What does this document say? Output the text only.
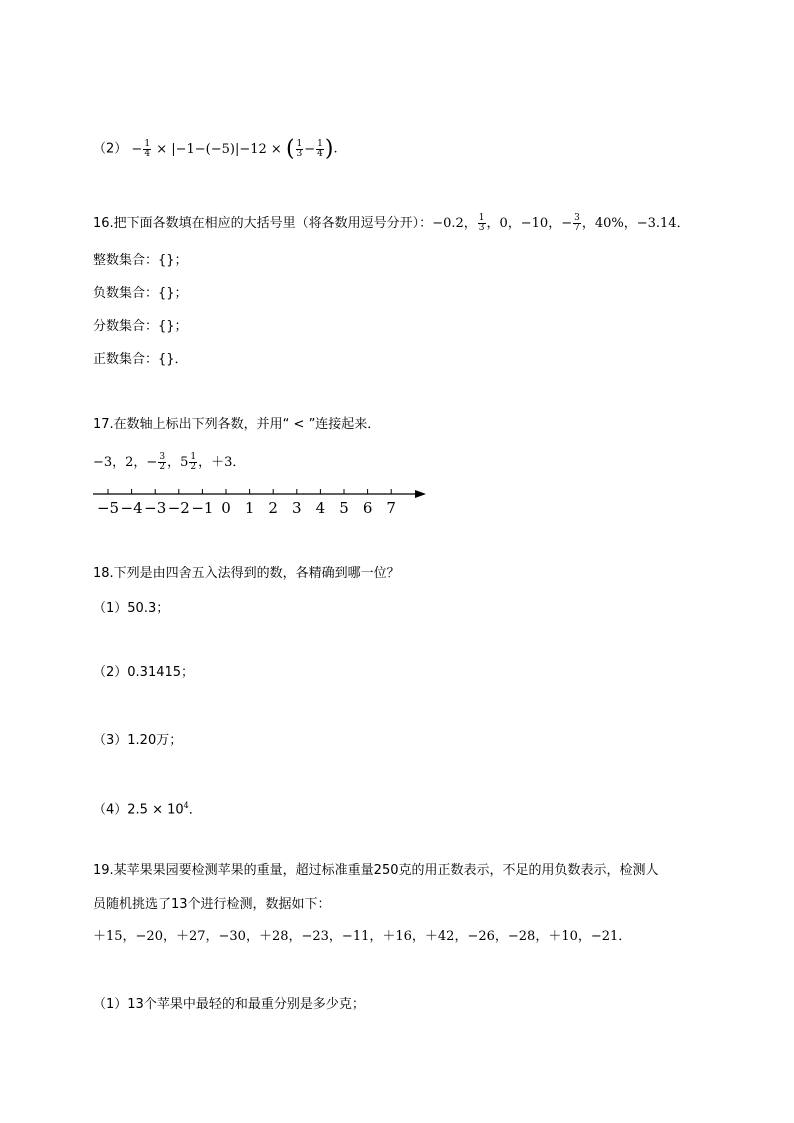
$(2) - \frac{1}{4} \times |-1-(-5)|-12$ × ( $\frac{1}{3} - \frac{1}{4}$ ).
16.把下面各数填在相应的大括号里（将各数用逗号分开）：−0.2， $\frac{1}{3}$ ，0，−10，− $\frac{3}{7}$ ，40%，−3.14．
整数集合：{}；
负数集合：{}；
分数集合：{}；
正数集合：{}．
17.在数轴上标出下列各数，并用“ < ”连接起来．
−3，2，− $\frac{3}{2}$ ，$5 \frac{1}{2}$ ，＋3．
−5 −4 −3 −2 −1 0 1 2 3 4 5 6 7
18.下列是由四舍五入法得到的数，各精确到哪一位？
（1）50.3；
（2）0.31415；
（3）1.20万；
$(4)2.5 \times 10^4$．
19.某苹果果园要检测苹果的重量，超过标准重量250克的用正数表示，不足的用负数表示，检测人
员随机挑选了13个进行检测，数据如下：
＋15，−20，＋27，−30，＋28，−23，−11，＋16，＋42，−26，−28，＋10，−21．
（1）13个苹果中最轻的和最重分别是多少克；
